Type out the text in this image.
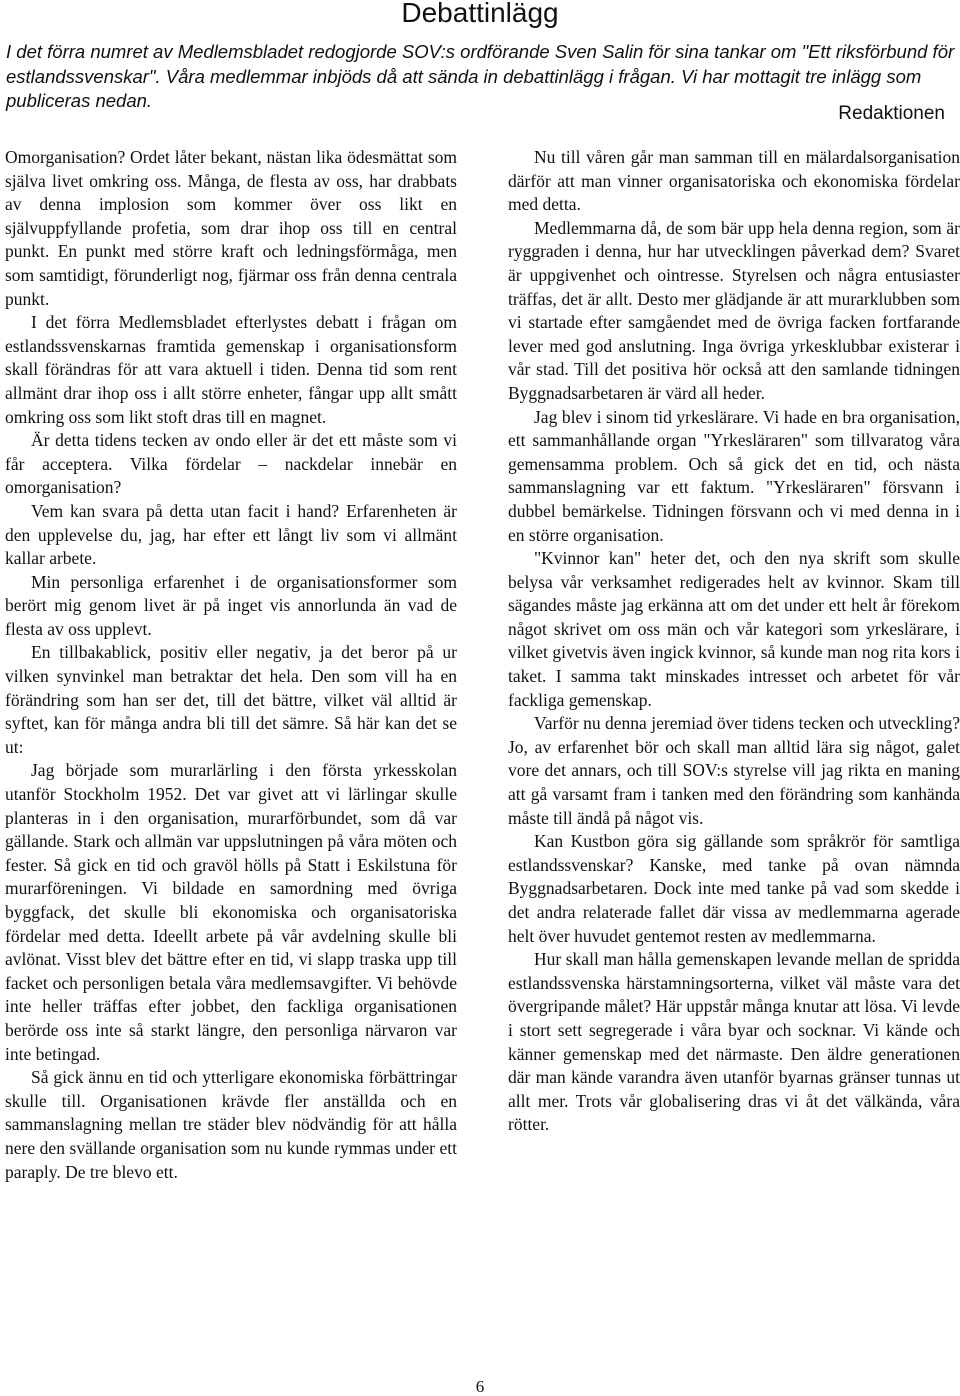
Debattinlägg

I det förra numret av Medlemsbladet redogjorde SOV:s ordförande Sven Salin för sina tankar om "Ett riksförbund för estlandssvenskar". Våra medlemmar inbjöds då att sända in debattinlägg i frågan. Vi har mottagit tre inlägg som publiceras nedan.

Redaktionen

Omorganisation? Ordet låter bekant, nästan lika ödesmättat som själva livet omkring oss. Många, de flesta av oss, har drabbats av denna implosion som kommer över oss likt en självuppfyllande profetia, som drar ihop oss till en central punkt. En punkt med större kraft och ledningsförmåga, men som samtidigt, förunderligt nog, fjärmar oss från denna centrala punkt.

I det förra Medlemsbladet efterlystes debatt i frågan om estlandssvenskarnas framtida gemenskap i organisationsform skall förändras för att vara aktuell i tiden. Denna tid som rent allmänt drar ihop oss i allt större enheter, fångar upp allt smått omkring oss som likt stoft dras till en magnet.

Är detta tidens tecken av ondo eller är det ett måste som vi får acceptera. Vilka fördelar – nackdelar innebär en omorganisation?

Vem kan svara på detta utan facit i hand? Erfarenheten är den upplevelse du, jag, har efter ett långt liv som vi allmänt kallar arbete.

Min personliga erfarenhet i de organisationsformer som berört mig genom livet är på inget vis annorlunda än vad de flesta av oss upplevt.

En tillbakablick, positiv eller negativ, ja det beror på ur vilken synvinkel man betraktar det hela. Den som vill ha en förändring som han ser det, till det bättre, vilket väl alltid är syftet, kan för många andra bli till det sämre. Så här kan det se ut:

Jag började som murarlärling i den första yrkesskolan utanför Stockholm 1952. Det var givet att vi lärlingar skulle planteras in i den organisation, murarförbundet, som då var gällande. Stark och allmän var uppslutningen på våra möten och fester. Så gick en tid och gravöl hölls på Statt i Eskilstuna för murarföreningen. Vi bildade en samordning med övriga byggfack, det skulle bli ekonomiska och organisatoriska fördelar med detta. Ideellt arbete på vår avdelning skulle bli avlönat. Visst blev det bättre efter en tid, vi slapp traska upp till facket och personligen betala våra medlemsavgifter. Vi behövde inte heller träffas efter jobbet, den fackliga organisationen berörde oss inte så starkt längre, den personliga närvaron var inte betingad.

Så gick ännu en tid och ytterligare ekonomiska förbättringar skulle till. Organisationen krävde fler anställda och en sammanslagning mellan tre städer blev nödvändig för att hålla nere den svällande organisation som nu kunde rymmas under ett paraply. De tre blevo ett.

Nu till våren går man samman till en mälardalsorganisation därför att man vinner organisatoriska och ekonomiska fördelar med detta.

Medlemmarna då, de som bär upp hela denna region, som är ryggraden i denna, hur har utvecklingen påverkad dem? Svaret är uppgivenhet och ointresse. Styrelsen och några entusiaster träffas, det är allt. Desto mer glädjande är att murarklubben som vi startade efter samgåendet med de övriga facken fortfarande lever med god anslutning. Inga övriga yrkesklubbar existerar i vår stad. Till det positiva hör också att den samlande tidningen Byggnadsarbetaren är värd all heder.

Jag blev i sinom tid yrkeslärare. Vi hade en bra organisation, ett sammanhållande organ "Yrkesläraren" som tillvaratog våra gemensamma problem. Och så gick det en tid, och nästa sammanslagning var ett faktum. "Yrkesläraren" försvann i dubbel bemärkelse. Tidningen försvann och vi med denna in i en större organisation.

"Kvinnor kan" heter det, och den nya skrift som skulle belysa vår verksamhet redigerades helt av kvinnor. Skam till sägandes måste jag erkänna att om det under ett helt år förekom något skrivet om oss män och vår kategori som yrkeslärare, i vilket givetvis även ingick kvinnor, så kunde man nog rita kors i taket. I samma takt minskades intresset och arbetet för vår fackliga gemenskap.

Varför nu denna jeremiad över tidens tecken och utveckling? Jo, av erfarenhet bör och skall man alltid lära sig något, galet vore det annars, och till SOV:s styrelse vill jag rikta en maning att gå varsamt fram i tanken med den förändring som kanhända måste till ändå på något vis.

Kan Kustbon göra sig gällande som språkrör för samtliga estlandssvenskar? Kanske, med tanke på ovan nämnda Byggnadsarbetaren. Dock inte med tanke på vad som skedde i det andra relaterade fallet där vissa av medlemmarna agerade helt över huvudet gentemot resten av medlemmarna.

Hur skall man hålla gemenskapen levande mellan de spridda estlandssvenska härstamningsorterna, vilket väl måste vara det övergripande målet? Här uppstår många knutar att lösa. Vi levde i stort sett segregerade i våra byar och socknar. Vi kände och känner gemenskap med det närmaste. Den äldre generationen där man kände varandra även utanför byarnas gränser tunnas ut allt mer. Trots vår globalisering dras vi åt det välkända, våra rötter.

6
